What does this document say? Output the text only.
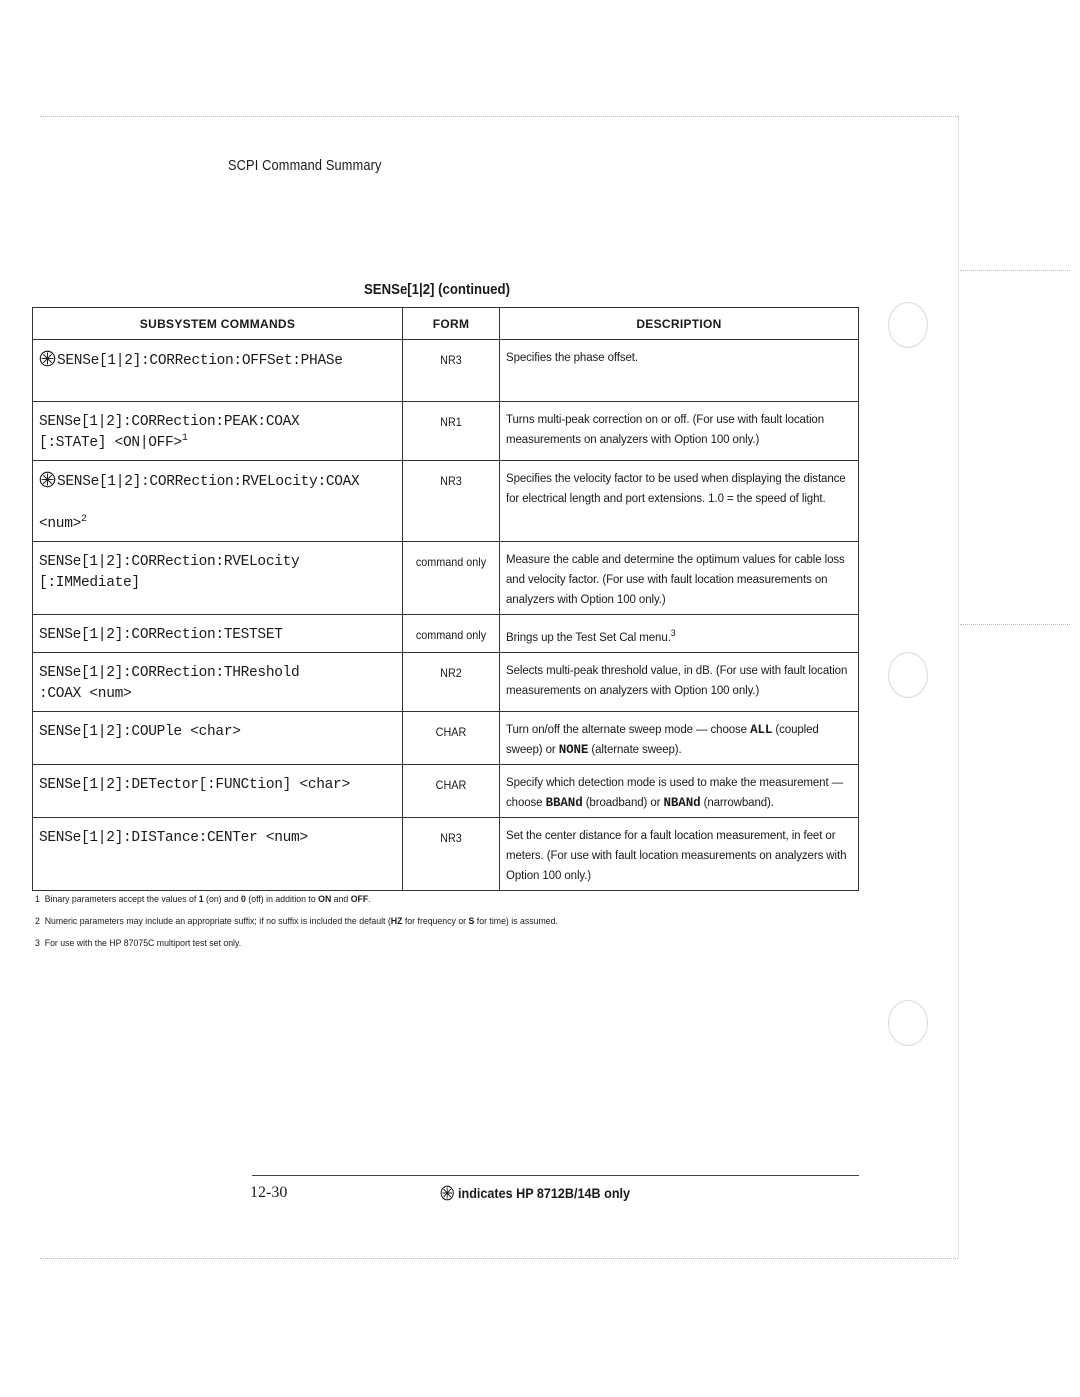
SCPI Command Summary
SENSe[1|2] (continued)
SUBSYSTEM COMMANDS	FORM	DESCRIPTION

SENSe[1|2]:CORRection:OFFSet:PHASe	NR3	Specifies the phase offset.

SENSe[1|2]:CORRection:PEAK:COAX
[:STATe] <ON|OFF>$^1$	NR1	Turns multi-peak correction on or off. (For use with fault location measurements on analyzers with Option 100 only.)

SENSe[1|2]:CORRection:RVELocity:COAX

<num>$^2$	NR3	Specifies the velocity factor to be used when displaying the distance for electrical length and port extensions. 1.0 = the speed of light.

SENSe[1|2]:CORRection:RVELocity
[:IMMediate]	command only	Measure the cable and determine the optimum values for cable loss and velocity factor. (For use with fault location measurements on analyzers with Option 100 only.)

SENSe[1|2]:CORRection:TESTSET	command only	Brings up the Test Set Cal menu.$^3$

SENSe[1|2]:CORRection:THReshold
:COAX <num>	NR2	Selects multi-peak threshold value, in dB. (For use with fault location measurements on analyzers with Option 100 only.)

SENSe[1|2]:COUPle <char>	CHAR	Turn on/off the alternate sweep mode — choose ALL (coupled sweep) or NONE (alternate sweep).

SENSe[1|2]:DETector[:FUNCtion] <char>	CHAR	Specify which detection mode is used to make the measurement — choose BBANd (broadband) or NBANd (narrowband).

SENSe[1|2]:DISTance:CENTer <num>	NR3	Set the center distance for a fault location measurement, in feet or meters. (For use with fault location measurements on analyzers with Option 100 only.)
1 Binary parameters accept the values of 1 (on) and 0 (off) in addition to ON and OFF.
2 Numeric parameters may include an appropriate suffix; if no suffix is included the default (HZ for frequency or S for time) is assumed.
3 For use with the HP 87075C multiport test set only.
12-30	indicates HP 8712B/14B only
